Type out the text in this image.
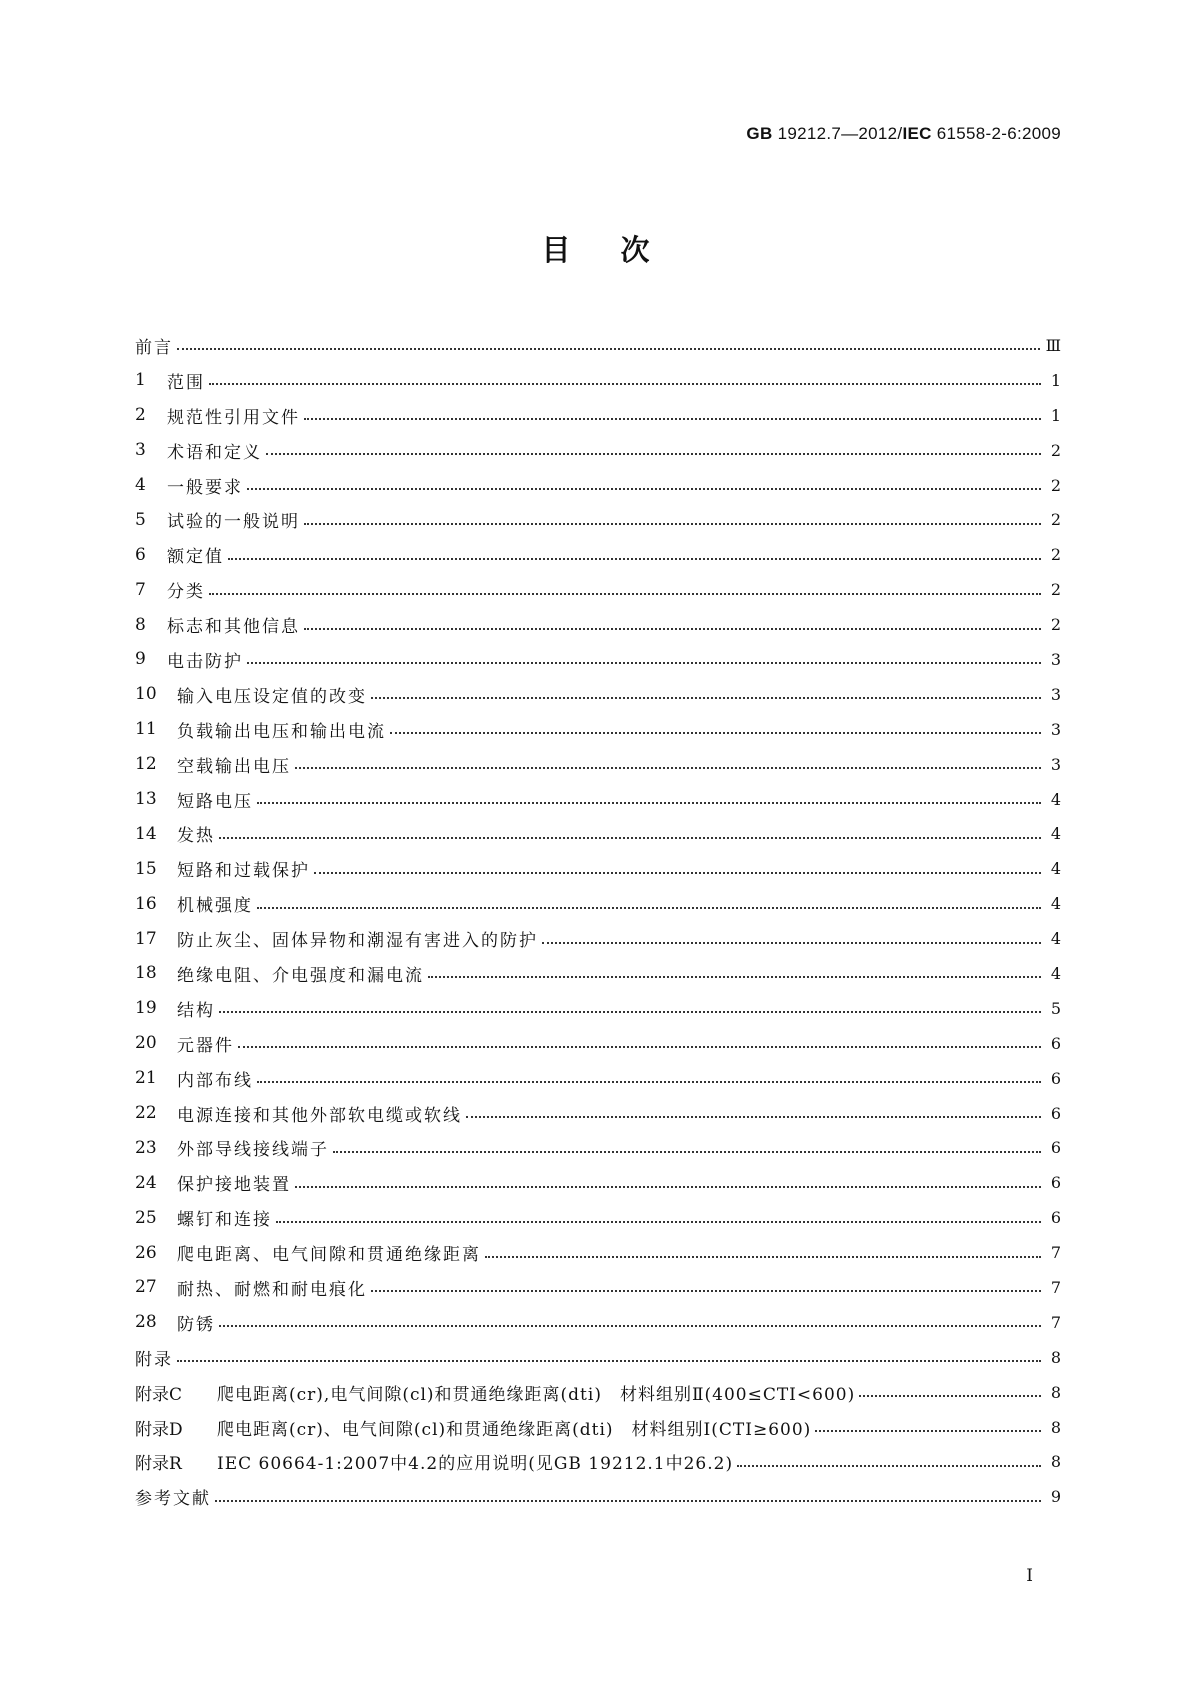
GB 19212.7—2012/IEC 61558-2-6:2009
目次
前言	Ⅲ
1	范围	1
2	规范性引用文件	1
3	术语和定义	2
4	一般要求	2
5	试验的一般说明	2
6	额定值	2
7	分类	2
8	标志和其他信息	2
9	电击防护	3
10	输入电压设定值的改变	3
11	负载输出电压和输出电流	3
12	空载输出电压	3
13	短路电压	4
14	发热	4
15	短路和过载保护	4
16	机械强度	4
17	防止灰尘、固体异物和潮湿有害进入的防护	4
18	绝缘电阻、介电强度和漏电流	4
19	结构	5
20	元器件	6
21	内部布线	6
22	电源连接和其他外部软电缆或软线	6
23	外部导线接线端子	6
24	保护接地装置	6
25	螺钉和连接	6
26	爬电距离、电气间隙和贯通绝缘距离	7
27	耐热、耐燃和耐电痕化	7
28	防锈	7
附录	8
附录C	爬电距离(cr),电气间隙(cl)和贯通绝缘距离(dti)　材料组别Ⅱ(400≤CTI<600)	8
附录D	爬电距离(cr)、电气间隙(cl)和贯通绝缘距离(dti)　材料组别Ⅰ(CTI≥600)	8
附录R	IEC 60664-1:2007中4.2的应用说明(见GB 19212.1中26.2)	8
参考文献	9
I
